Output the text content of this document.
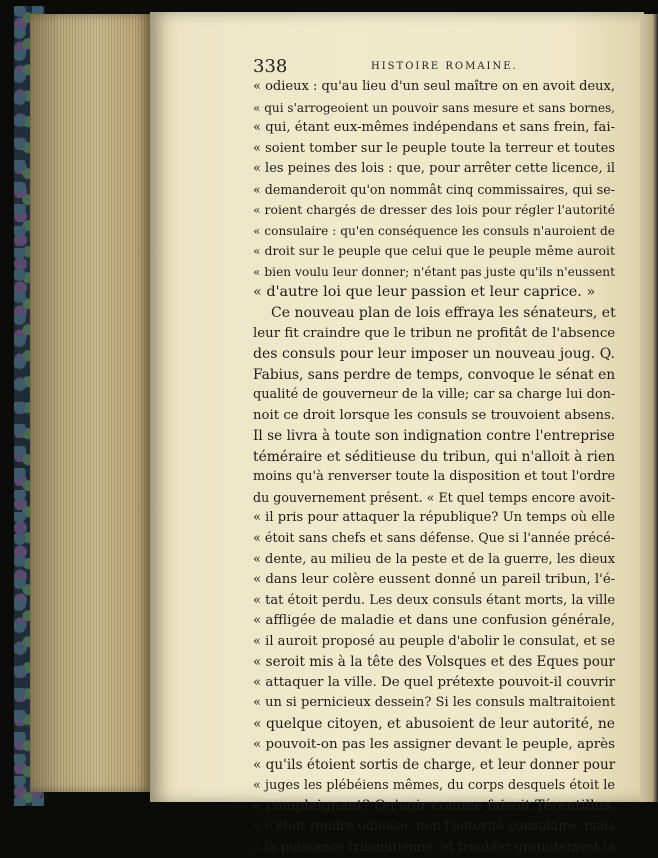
338	HISTOIRE ROMAINE.
« odieux : qu'au lieu d'un seul maître on en avoit deux,
« qui s'arrogeoient un pouvoir sans mesure et sans bornes,
« qui, étant eux-mêmes indépendans et sans frein, fai-
« soient tomber sur le peuple toute la terreur et toutes
« les peines des lois : que, pour arrêter cette licence, il
« demanderoit qu'on nommât cinq commissaires, qui se-
« roient chargés de dresser des lois pour régler l'autorité
« consulaire : qu'en conséquence les consuls n'auroient de
« droit sur le peuple que celui que le peuple même auroit
« bien voulu leur donner; n'étant pas juste qu'ils n'eussent
« d'autre loi que leur passion et leur caprice. »
Ce nouveau plan de lois effraya les sénateurs, et
leur fit craindre que le tribun ne profitât de l'absence
des consuls pour leur imposer un nouveau joug. Q.
Fabius, sans perdre de temps, convoque le sénat en
qualité de gouverneur de la ville; car sa charge lui don-
noit ce droit lorsque les consuls se trouvoient absens.
Il se livra à toute son indignation contre l'entreprise
téméraire et séditieuse du tribun, qui n'alloit à rien
moins qu'à renverser toute la disposition et tout l'ordre
du gouvernement présent. « Et quel temps encore avoit-
« il pris pour attaquer la république? Un temps où elle
« étoit sans chefs et sans défense. Que si l'année précé-
« dente, au milieu de la peste et de la guerre, les dieux
« dans leur colère eussent donné un pareil tribun, l'é-
« tat étoit perdu. Les deux consuls étant morts, la ville
« affligée de maladie et dans une confusion générale,
« il auroit proposé au peuple d'abolir le consulat, et se
« seroit mis à la tête des Volsques et des Eques pour
« attaquer la ville. De quel prétexte pouvoit-il couvrir
« un si pernicieux dessein? Si les consuls maltraitoient
« quelque citoyen, et abusoient de leur autorité, ne
« pouvoit-on pas les assigner devant le peuple, après
« qu'ils étoient sortis de charge, et leur donner pour
« juges les plébéiens mêmes, du corps desquels étoit le
« complaignant? Qu'agir comme faisoit Térentillus,
« c'étoit rendre odieuse, non l'autorité consulaire, mais
« la puissance tribunitienne, et troubler gratuitement la
